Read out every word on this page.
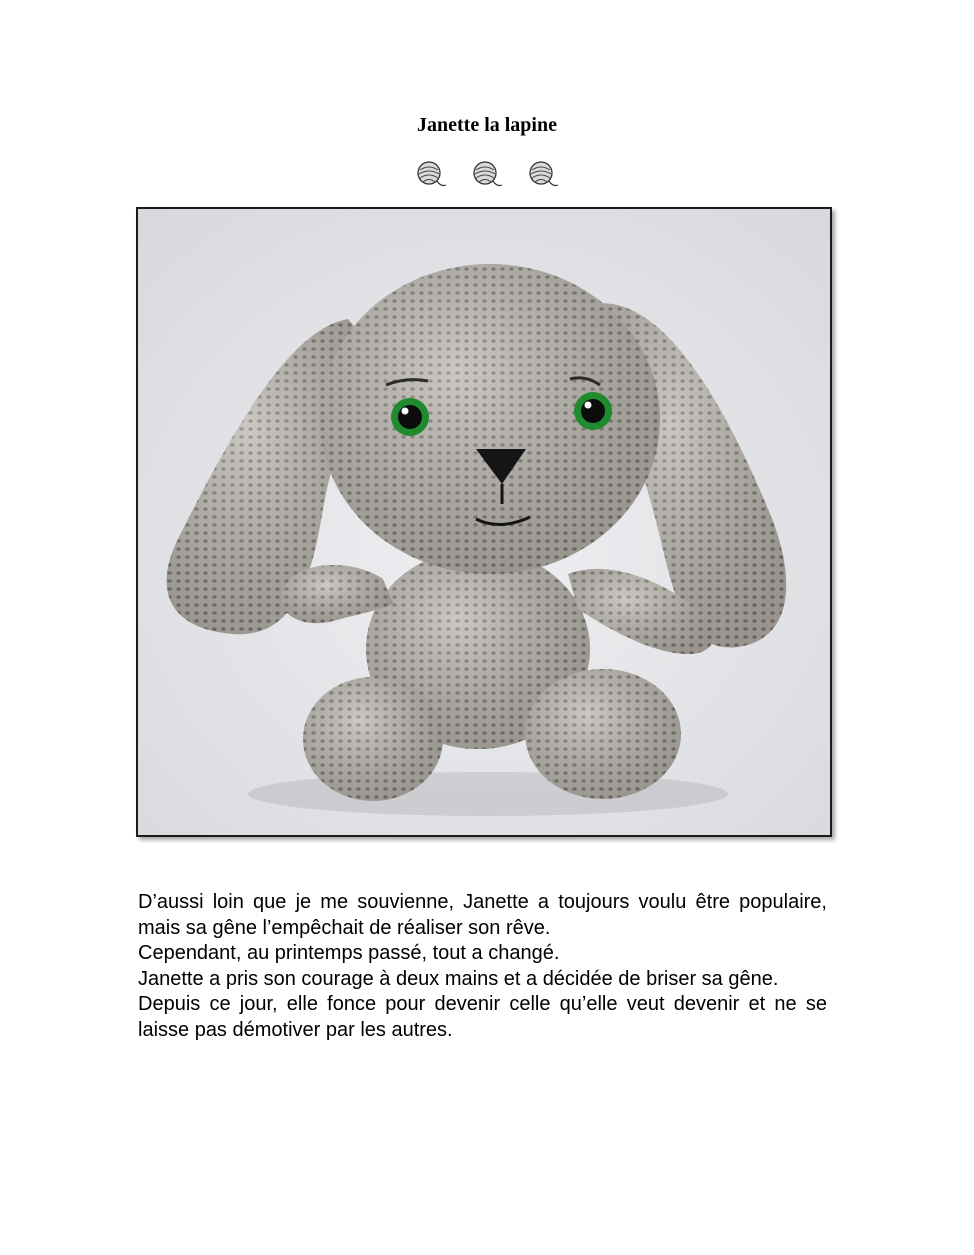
Janette la lapine

D’aussi loin que je me souvienne, Janette a toujours voulu être populaire, mais sa gêne l’empêchait de réaliser son rêve.

Cependant, au printemps passé, tout a changé.

Janette a pris son courage à deux mains et a décidée de briser sa gêne.

Depuis ce jour, elle fonce pour devenir celle qu’elle veut devenir et ne se laisse pas démotiver par les autres.
